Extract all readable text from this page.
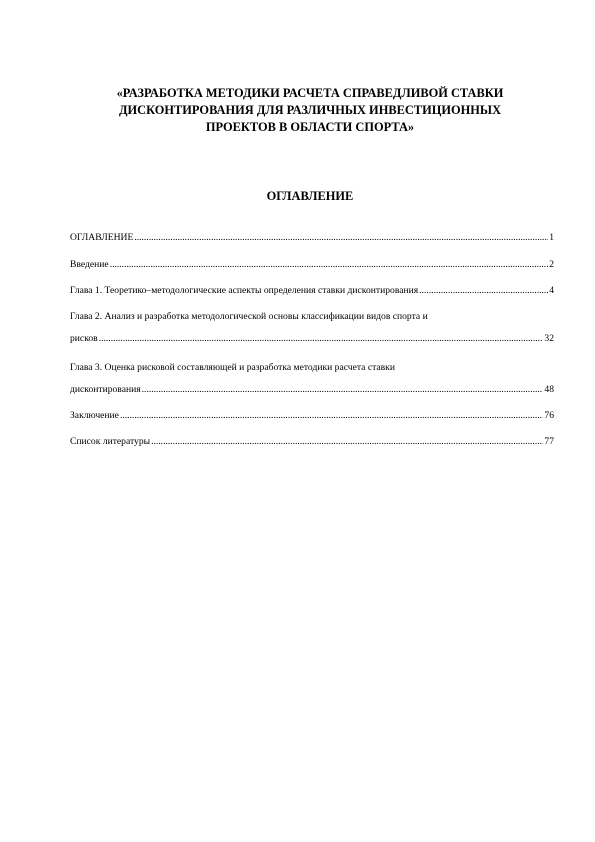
«РАЗРАБОТКА МЕТОДИКИ РАСЧЕТА СПРАВЕДЛИВОЙ СТАВКИ
ДИСКОНТИРОВАНИЯ ДЛЯ РАЗЛИЧНЫХ ИНВЕСТИЦИОННЫХ
ПРОЕКТОВ В ОБЛАСТИ СПОРТА»
ОГЛАВЛЕНИЕ
ОГЛАВЛЕНИЕ .....	1
Введение .....	2
Глава 1. Теоретико–методологические аспекты определения ставки дисконтирования .....	4
Глава 2. Анализ и разработка методологической основы классификации видов спорта и
рисков .....	32
Глава 3. Оценка рисковой составляющей и разработка методики расчета ставки
дисконтирования .....	48
Заключение .....	76
Список литературы .....	77
